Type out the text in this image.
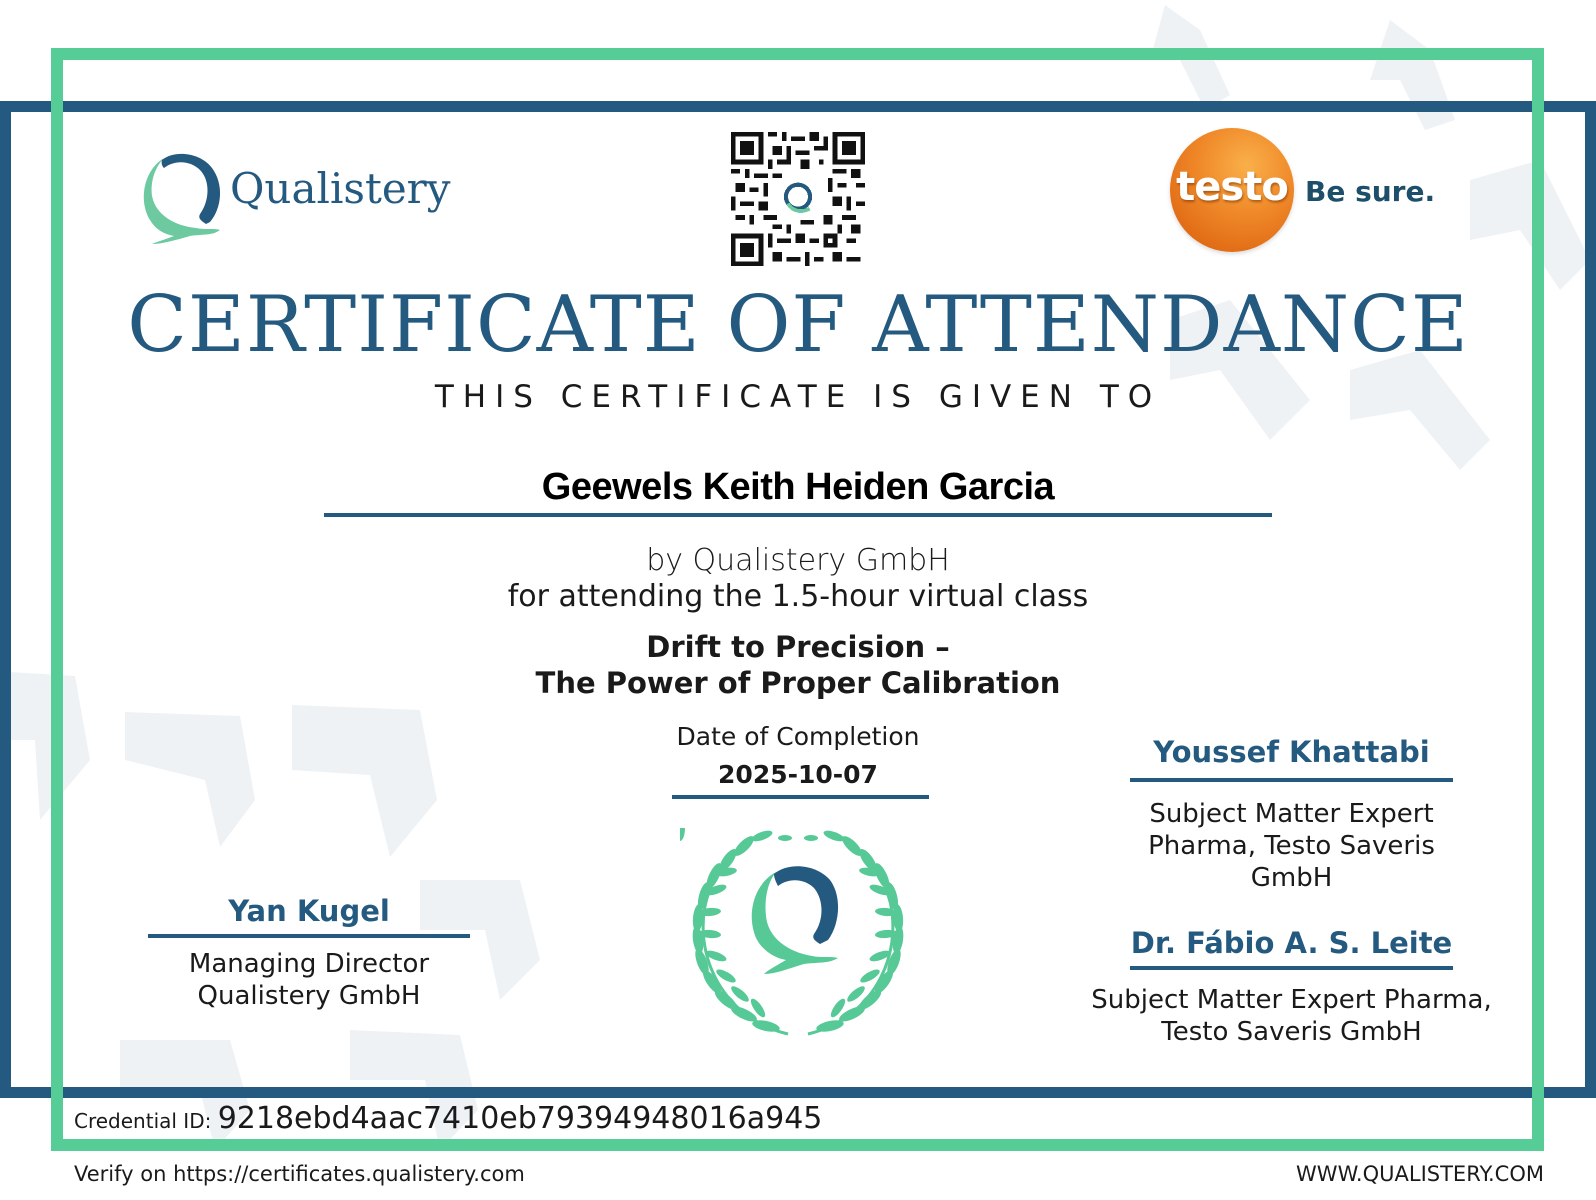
Qualistery	testo Be sure.
CERTIFICATE OF ATTENDANCE
THIS CERTIFICATE IS GIVEN TO
Geewels Keith Heiden Garcia
by Qualistery GmbH
for attending the 1.5-hour virtual class
Drift to Precision –
The Power of Proper Calibration
Date of Completion
2025-10-07
Yan Kugel
Managing Director
Qualistery GmbH
Youssef Khattabi
Subject Matter Expert
Pharma, Testo Saveris
GmbH
Dr. Fábio A. S. Leite
Subject Matter Expert Pharma,
Testo Saveris GmbH
Credential ID: 9218ebd4aac7410eb79394948016a945
Verify on https://certificates.qualistery.com	WWW.QUALISTERY.COM
